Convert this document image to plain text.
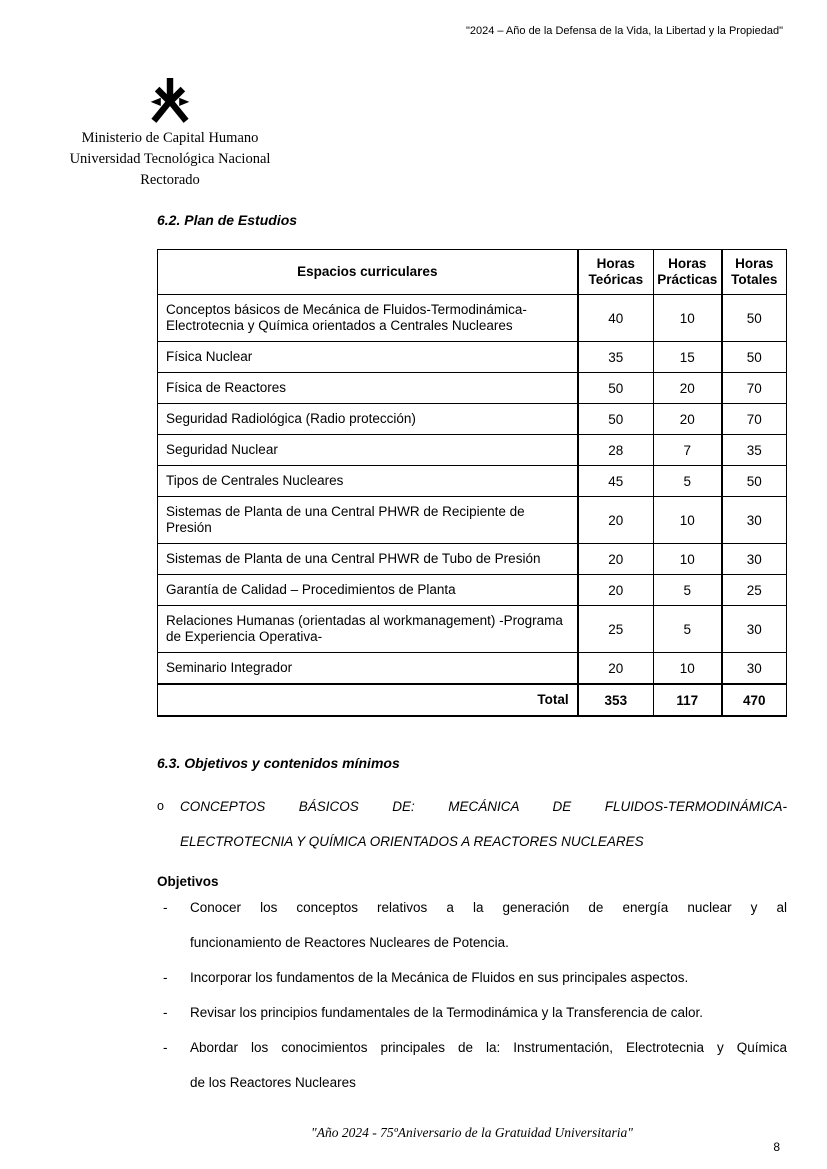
"2024 – Año de la Defensa de la Vida, la Libertad y la Propiedad"
Ministerio de Capital Humano
Universidad Tecnológica Nacional
Rectorado
6.2. Plan de Estudios
Espacios curriculares	Horas Teóricas	Horas Prácticas	Horas Totales
Conceptos básicos de Mecánica de Fluidos-Termodinámica-Electrotecnia y Química orientados a Centrales Nucleares	40	10	50
Física Nuclear	35	15	50
Física de Reactores	50	20	70
Seguridad Radiológica (Radio protección)	50	20	70
Seguridad Nuclear	28	7	35
Tipos de Centrales Nucleares	45	5	50
Sistemas de Planta de una Central PHWR de Recipiente de Presión	20	10	30
Sistemas de Planta de una Central PHWR de Tubo de Presión	20	10	30
Garantía de Calidad – Procedimientos de Planta	20	5	25
Relaciones Humanas (orientadas al workmanagement) -Programa de Experiencia Operativa-	25	5	30
Seminario Integrador	20	10	30
Total	353	117	470
6.3. Objetivos y contenidos mínimos
o	CONCEPTOS BÁSICOS DE: MECÁNICA DE FLUIDOS-TERMODINÁMICA-
ELECTROTECNIA Y QUÍMICA ORIENTADOS A REACTORES NUCLEARES
Objetivos
-	Conocer los conceptos relativos a la generación de energía nuclear y al
funcionamiento de Reactores Nucleares de Potencia.
-	Incorporar los fundamentos de la Mecánica de Fluidos en sus principales aspectos.
-	Revisar los principios fundamentales de la Termodinámica y la Transferencia de calor.
-	Abordar los conocimientos principales de la: Instrumentación, Electrotecnia y Química
de los Reactores Nucleares
"Año 2024 - 75ºAniversario de la Gratuidad Universitaria"
8
